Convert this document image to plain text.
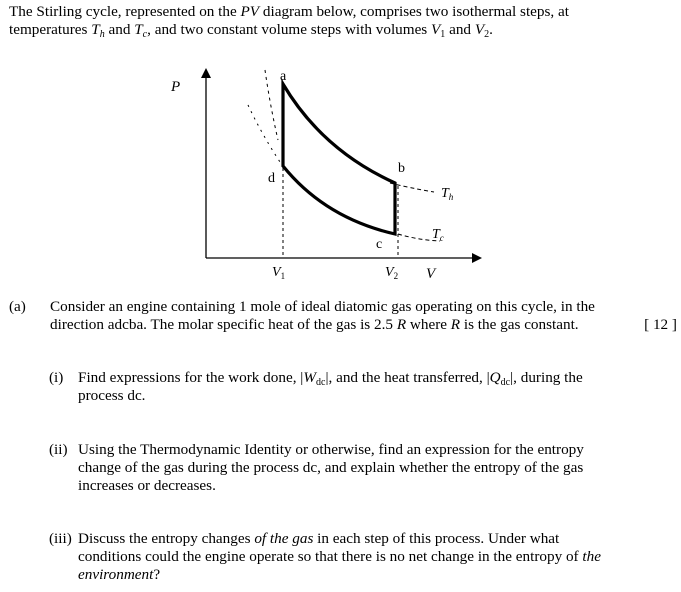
The Stirling cycle, represented on the PV diagram below, comprises two isothermal steps, at
temperatures $T_h$ and $T_c$, and two constant volume steps with volumes $V_1$ and $V_2$.
P
V
a
b
c
d
$T_h$
$T_c$
$V_1$	$V_2$
(a) Consider an engine containing 1 mole of ideal diatomic gas operating on this cycle, in the
direction adcba. The molar specific heat of the gas is 2.5 R where R is the gas constant.	[ 12 ]
(i) Find expressions for the work done, $|W_{dc}|$, and the heat transferred, $|Q_{dc}|$, during the
process dc.
(ii) Using the Thermodynamic Identity or otherwise, find an expression for the entropy
change of the gas during the process dc, and explain whether the entropy of the gas
increases or decreases.
(iii) Discuss the entropy changes of the gas in each step of this process. Under what
conditions could the engine operate so that there is no net change in the entropy of the
environment?
